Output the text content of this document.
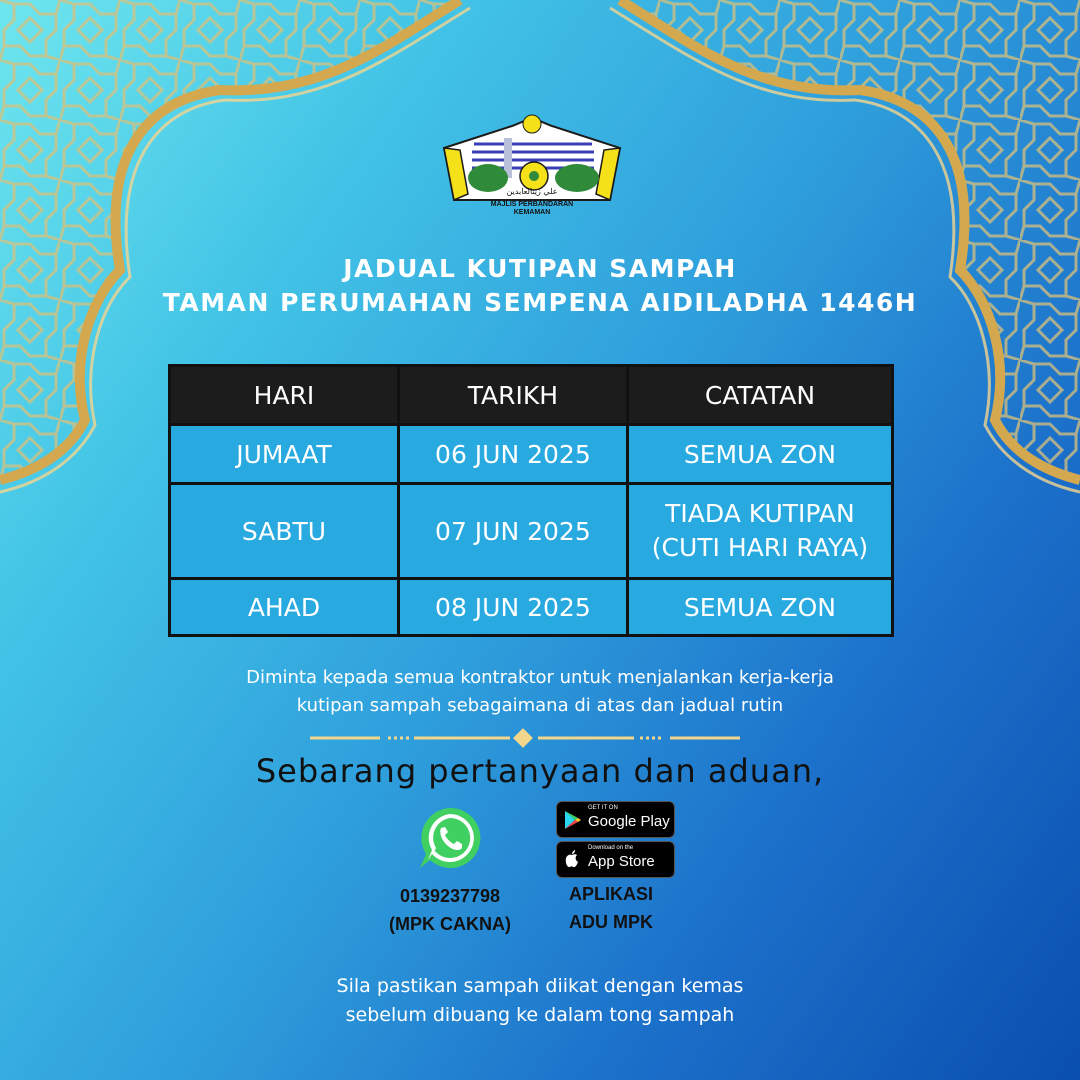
علي زينالعابدين
MAJLIS PERBANDARAN
KEMAMAN
JADUAL KUTIPAN SAMPAH
TAMAN PERUMAHAN SEMPENA AIDILADHA 1446H
HARI	TARIKH	CATATAN
JUMAAT	06 JUN 2025	SEMUA ZON
SABTU	07 JUN 2025	TIADA KUTIPAN
(CUTI HARI RAYA)

AHAD	08 JUN 2025	SEMUA ZON
Diminta kepada semua kontraktor untuk menjalankan kerja-kerja
kutipan sampah sebagaimana di atas dan jadual rutin
Sebarang pertanyaan dan aduan,
0139237798
(MPK CAKNA)
GET IT ON
Google Play
Download on the
App Store
APLIKASI
ADU MPK
Sila pastikan sampah diikat dengan kemas
sebelum dibuang ke dalam tong sampah
